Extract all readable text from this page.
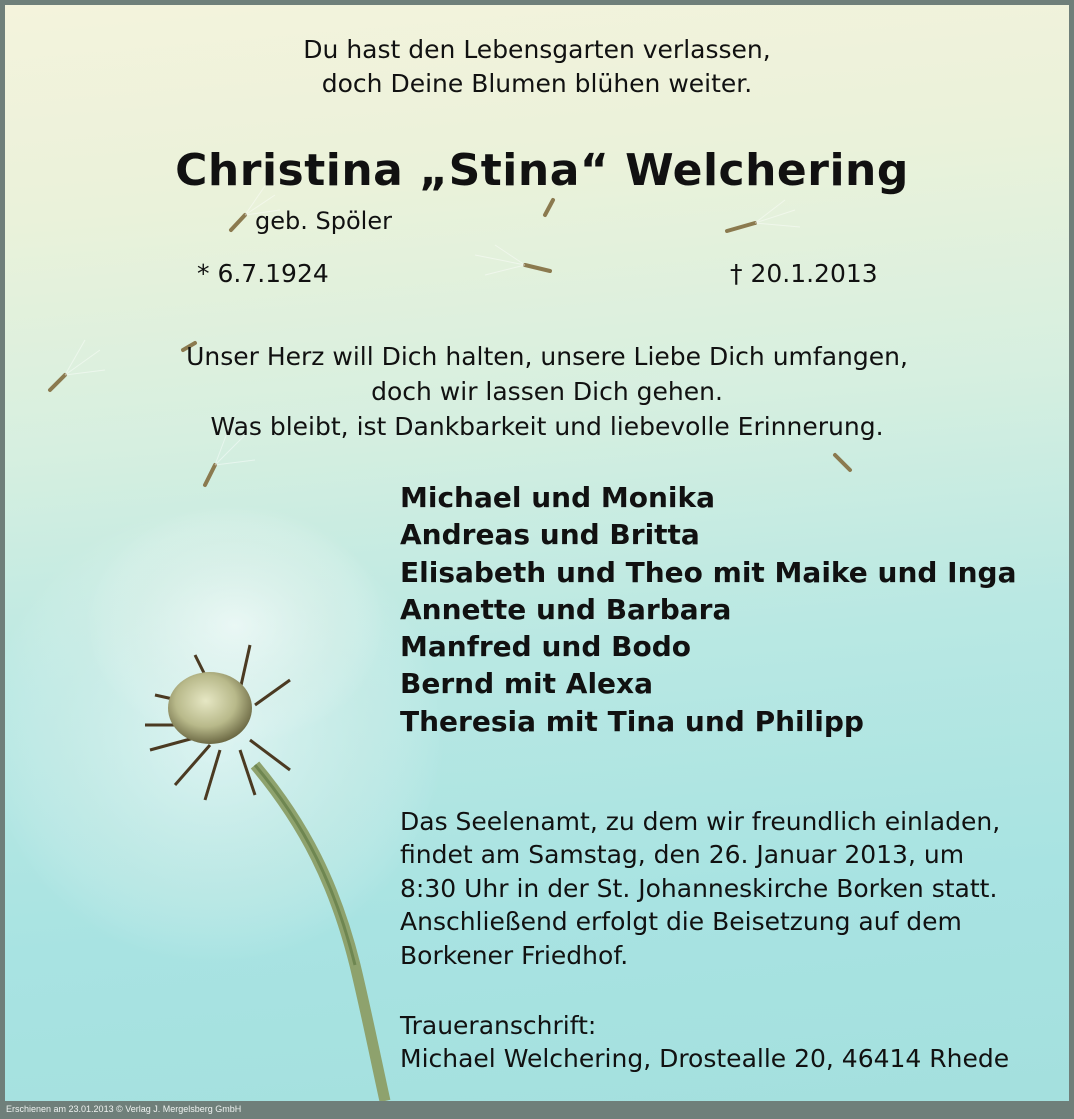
Du hast den Lebensgarten verlassen,
doch Deine Blumen blühen weiter.
Christina „Stina“ Welchering
geb. Spöler
* 6.7.1924	† 20.1.2013
Unser Herz will Dich halten, unsere Liebe Dich umfangen,
doch wir lassen Dich gehen.
Was bleibt, ist Dankbarkeit und liebevolle Erinnerung.
Michael und Monika
Andreas und Britta
Elisabeth und Theo mit Maike und Inga
Annette und Barbara
Manfred und Bodo
Bernd mit Alexa
Theresia mit Tina und Philipp
Das Seelenamt, zu dem wir freundlich einladen,
findet am Samstag, den 26. Januar 2013, um
8:30 Uhr in der St. Johanneskirche Borken statt.
Anschließend erfolgt die Beisetzung auf dem
Borkener Friedhof.
Traueranschrift:
Michael Welchering, Drostealle 20, 46414 Rhede
Erschienen am 23.01.2013 © Verlag J. Mergelsberg GmbH
